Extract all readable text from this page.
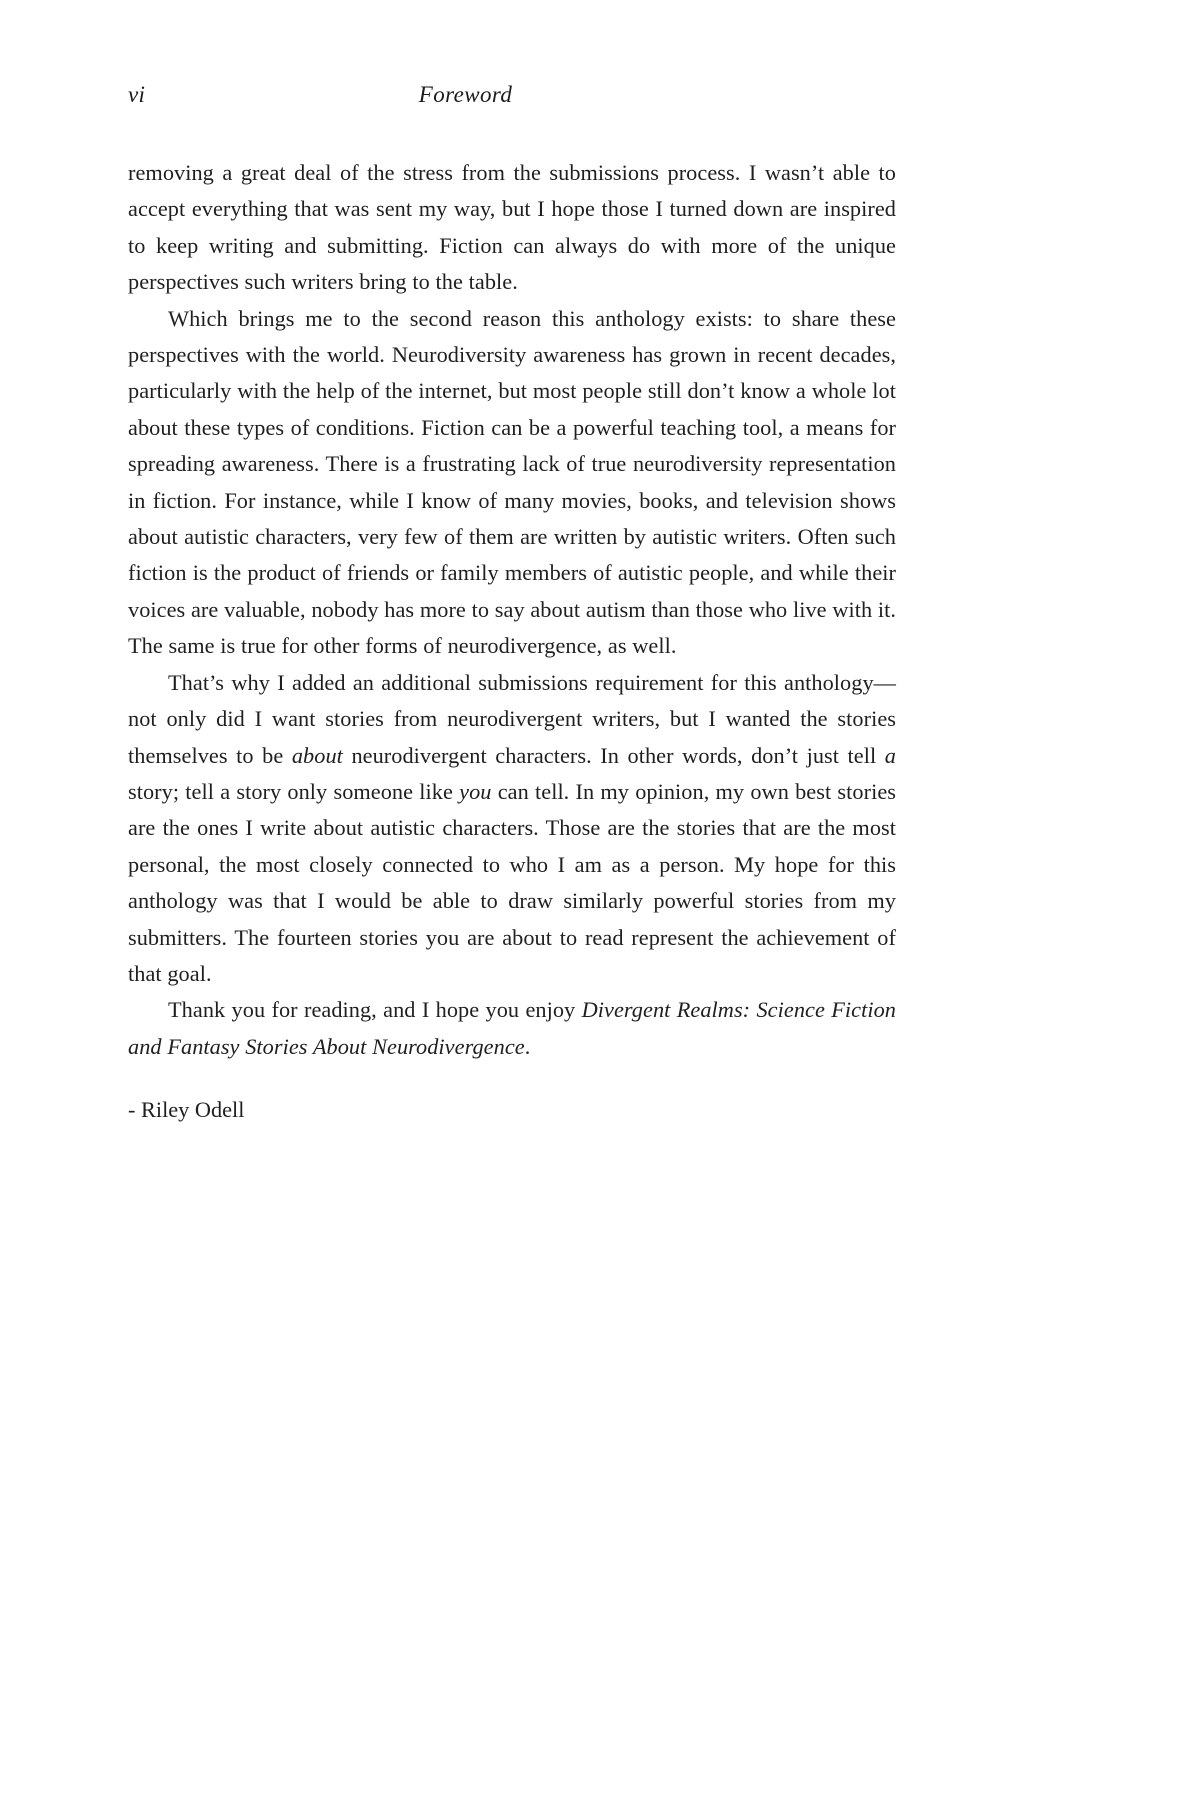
vi	Foreword

removing a great deal of the stress from the submissions process. I wasn’t able to accept everything that was sent my way, but I hope those I turned down are inspired to keep writing and submitting. Fiction can always do with more of the unique perspectives such writers bring to the table.

Which brings me to the second reason this anthology exists: to share these perspectives with the world. Neurodiversity awareness has grown in recent decades, particularly with the help of the internet, but most people still don’t know a whole lot about these types of conditions. Fiction can be a powerful teaching tool, a means for spreading awareness. There is a frustrating lack of true neurodiversity representation in fiction. For instance, while I know of many movies, books, and television shows about autistic characters, very few of them are written by autistic writers. Often such fiction is the product of friends or family members of autistic people, and while their voices are valuable, nobody has more to say about autism than those who live with it. The same is true for other forms of neurodivergence, as well.

That’s why I added an additional submissions requirement for this anthology—not only did I want stories from neurodivergent writers, but I wanted the stories themselves to be about neurodivergent characters. In other words, don’t just tell a story; tell a story only someone like you can tell. In my opinion, my own best stories are the ones I write about autistic characters. Those are the stories that are the most personal, the most closely connected to who I am as a person. My hope for this anthology was that I would be able to draw similarly powerful stories from my submitters. The fourteen stories you are about to read represent the achievement of that goal.

Thank you for reading, and I hope you enjoy Divergent Realms: Science Fiction and Fantasy Stories About Neurodivergence.

- Riley Odell
